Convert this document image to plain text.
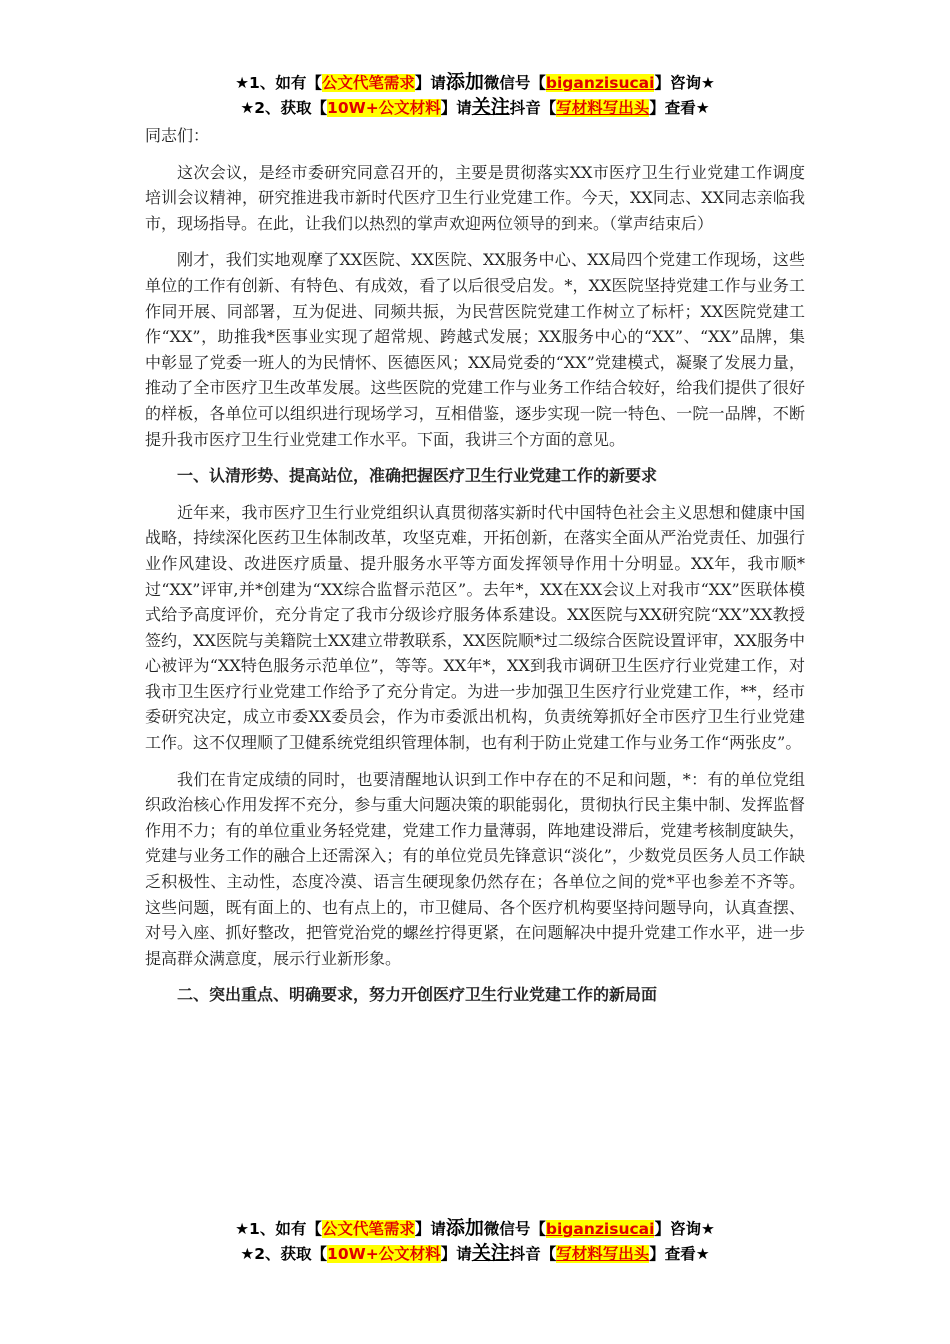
★1、如有【公文代笔需求】请添加微信号【biganzisucai】咨询★
★2、获取【10W+公文材料】请关注抖音【写材料写出头】查看★

同志们：

这次会议，是经市委研究同意召开的，主要是贯彻落实XX市医疗卫生行业党建工作调度培训会议精神，研究推进我市新时代医疗卫生行业党建工作。今天，XX同志、XX同志亲临我市，现场指导。在此，让我们以热烈的掌声欢迎两位领导的到来。（掌声结束后）

刚才，我们实地观摩了XX医院、XX医院、XX服务中心、XX局四个党建工作现场，这些单位的工作有创新、有特色、有成效，看了以后很受启发。*，XX医院坚持党建工作与业务工作同开展、同部署，互为促进、同频共振，为民营医院党建工作树立了标杆；XX医院党建工作“XX”，助推我*医事业实现了超常规、跨越式发展；XX服务中心的“XX”、“XX”品牌，集中彰显了党委一班人的为民情怀、医德医风；XX局党委的“XX”党建模式，凝聚了发展力量，推动了全市医疗卫生改革发展。这些医院的党建工作与业务工作结合较好，给我们提供了很好的样板，各单位可以组织进行现场学习，互相借鉴，逐步实现一院一特色、一院一品牌，不断提升我市医疗卫生行业党建工作水平。下面，我讲三个方面的意见。

一、认清形势、提高站位，准确把握医疗卫生行业党建工作的新要求

近年来，我市医疗卫生行业党组织认真贯彻落实新时代中国特色社会主义思想和健康中国战略，持续深化医药卫生体制改革，攻坚克难，开拓创新，在落实全面从严治党责任、加强行业作风建设、改进医疗质量、提升服务水平等方面发挥领导作用十分明显。XX年，我市顺*过“XX”评审,并*创建为“XX综合监督示范区”。去年*，XX在XX会议上对我市“XX”医联体模式给予高度评价，充分肯定了我市分级诊疗服务体系建设。XX医院与XX研究院“XX”XX教授签约，XX医院与美籍院士XX建立带教联系，XX医院顺*过二级综合医院设置评审，XX服务中心被评为“XX特色服务示范单位”，等等。XX年*，XX到我市调研卫生医疗行业党建工作，对我市卫生医疗行业党建工作给予了充分肯定。为进一步加强卫生医疗行业党建工作，**，经市委研究决定，成立市委XX委员会，作为市委派出机构，负责统筹抓好全市医疗卫生行业党建工作。这不仅理顺了卫健系统党组织管理体制，也有利于防止党建工作与业务工作“两张皮”。

我们在肯定成绩的同时，也要清醒地认识到工作中存在的不足和问题，*：有的单位党组织政治核心作用发挥不充分，参与重大问题决策的职能弱化，贯彻执行民主集中制、发挥监督作用不力；有的单位重业务轻党建，党建工作力量薄弱，阵地建设滞后，党建考核制度缺失，党建与业务工作的融合上还需深入；有的单位党员先锋意识“淡化”，少数党员医务人员工作缺乏积极性、主动性，态度冷漠、语言生硬现象仍然存在；各单位之间的党*平也参差不齐等。这些问题，既有面上的、也有点上的，市卫健局、各个医疗机构要坚持问题导向，认真查摆、对号入座、抓好整改，把管党治党的螺丝拧得更紧，在问题解决中提升党建工作水平，进一步提高群众满意度，展示行业新形象。

二、突出重点、明确要求，努力开创医疗卫生行业党建工作的新局面

★1、如有【公文代笔需求】请添加微信号【biganzisucai】咨询★
★2、获取【10W+公文材料】请关注抖音【写材料写出头】查看★
